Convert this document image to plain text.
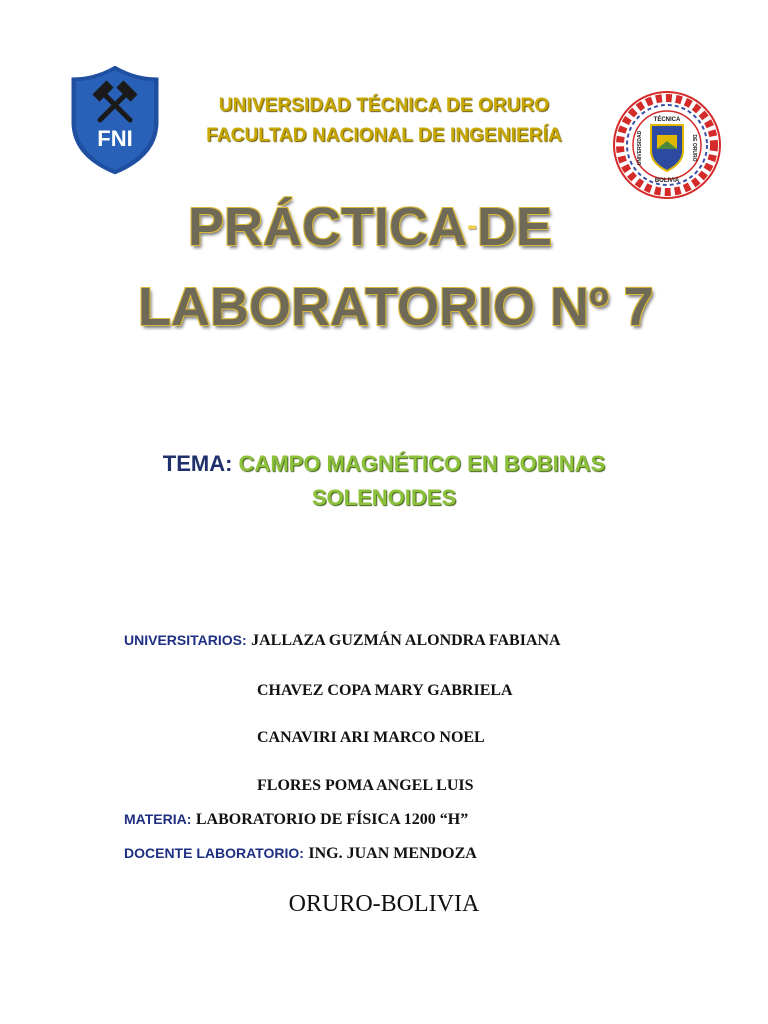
FNI
TÉCNICA
BOLIVIA
UNIVERSIDAD	DE ORURO
UNIVERSIDAD TÉCNICA DE ORURO
FACULTAD NACIONAL DE INGENIERÍA
PRÁCTICA-DE
LABORATORIO Nº 7
TEMA: CAMPO MAGNÉTICO EN BOBINAS
SOLENOIDES
UNIVERSITARIOS: JALLAZA GUZMÁN ALONDRA FABIANA
CHAVEZ COPA MARY GABRIELA
CANAVIRI ARI MARCO NOEL
FLORES POMA ANGEL LUIS
MATERIA: LABORATORIO DE FÍSICA 1200 “H”
DOCENTE LABORATORIO: ING. JUAN MENDOZA
ORURO-BOLIVIA
